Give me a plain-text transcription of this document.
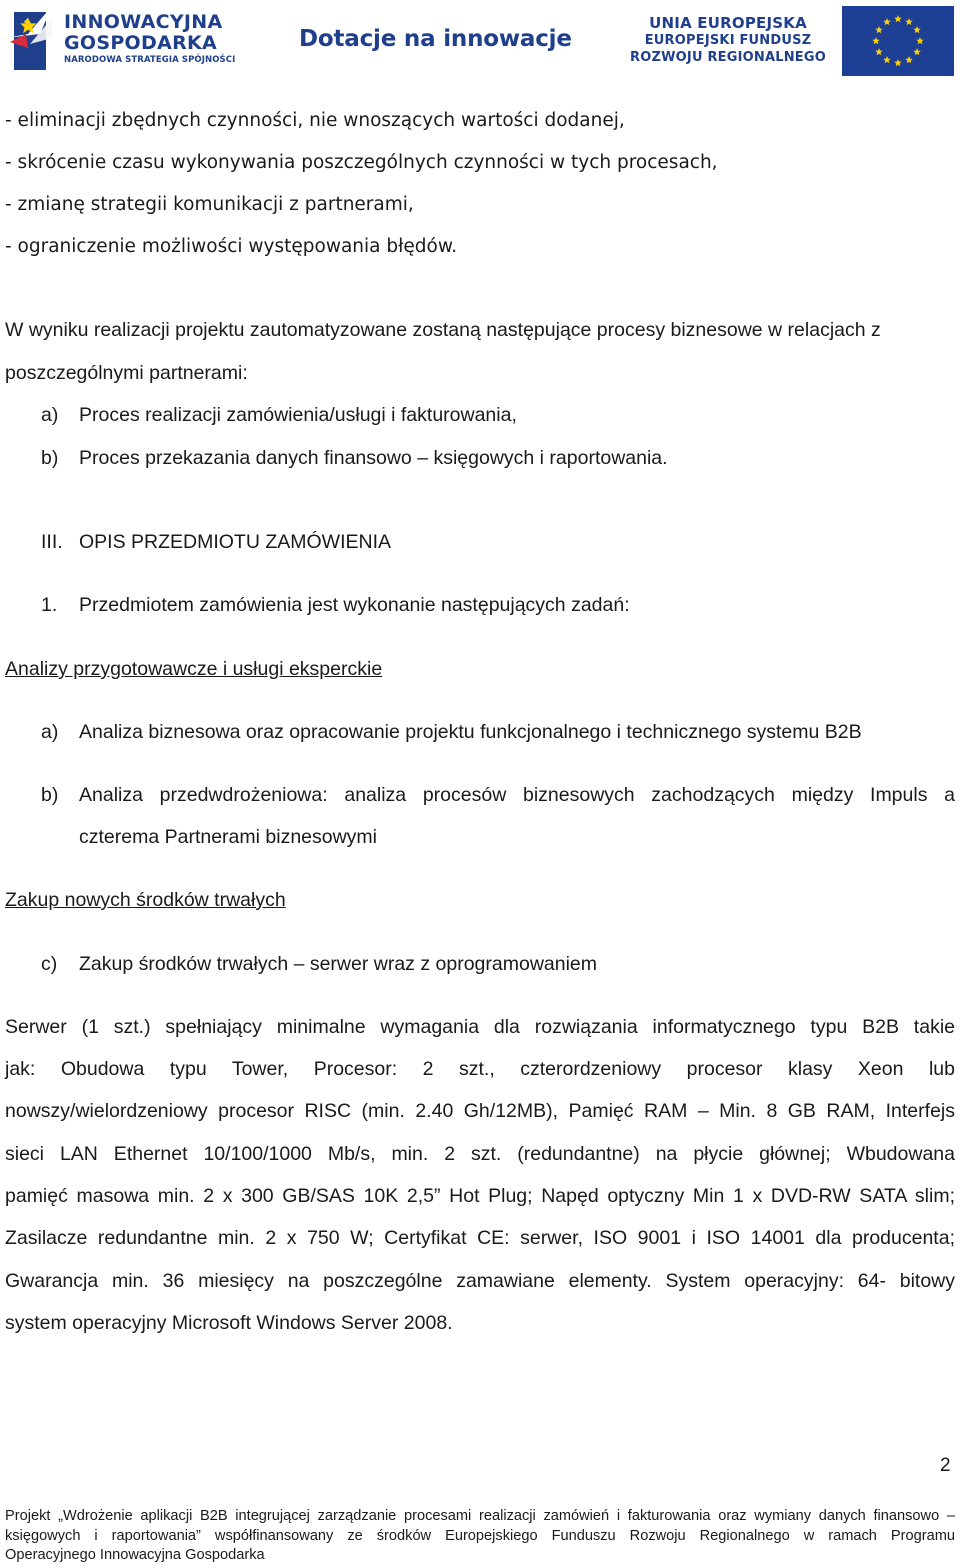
INNOWACYJNA
GOSPODARKA
NARODOWA STRATEGIA SPÓJNOŚCI
Dotacje na innowacje
UNIA EUROPEJSKA
EUROPEJSKI FUNDUSZ
ROZWOJU REGIONALNEGO
- eliminacji zbędnych czynności, nie wnoszących wartości dodanej,
- skrócenie czasu wykonywania poszczególnych czynności w tych procesach,
- zmianę strategii komunikacji z partnerami,
- ograniczenie możliwości występowania błędów.
W wyniku realizacji projektu zautomatyzowane zostaną następujące procesy biznesowe w relacjach z
poszczególnymi partnerami:
a) Proces realizacji zamówienia/usługi i fakturowania,
b) Proces przekazania danych finansowo – księgowych i raportowania.
III. OPIS PRZEDMIOTU ZAMÓWIENIA
1. Przedmiotem zamówienia jest wykonanie następujących zadań:
Analizy przygotowawcze i usługi eksperckie
a) Analiza biznesowa oraz opracowanie projektu funkcjonalnego i technicznego systemu B2B
b) Analiza przedwdrożeniowa: analiza procesów biznesowych zachodzących między Impuls a
czterema Partnerami biznesowymi
Zakup nowych środków trwałych
c) Zakup środków trwałych – serwer wraz z oprogramowaniem
Serwer (1 szt.) spełniający minimalne wymagania dla rozwiązania informatycznego typu B2B takie
jak: Obudowa typu Tower, Procesor: 2 szt., czterordzeniowy procesor klasy Xeon lub
nowszy/wielordzeniowy procesor RISC (min. 2.40 Gh/12MB), Pamięć RAM – Min. 8 GB RAM, Interfejs
sieci LAN Ethernet 10/100/1000 Mb/s, min. 2 szt. (redundantne) na płycie głównej; Wbudowana
pamięć masowa min. 2 x 300 GB/SAS 10K 2,5” Hot Plug; Napęd optyczny Min 1 x DVD-RW SATA slim;
Zasilacze redundantne min. 2 x 750 W; Certyfikat CE: serwer, ISO 9001 i ISO 14001 dla producenta;
Gwarancja min. 36 miesięcy na poszczególne zamawiane elementy. System operacyjny: 64- bitowy
system operacyjny Microsoft Windows Server 2008.
2
Projekt „Wdrożenie aplikacji B2B integrującej zarządzanie procesami realizacji zamówień i fakturowania oraz wymiany danych finansowo –
księgowych i raportowania” współfinansowany ze środków Europejskiego Funduszu Rozwoju Regionalnego w ramach Programu
Operacyjnego Innowacyjna Gospodarka
